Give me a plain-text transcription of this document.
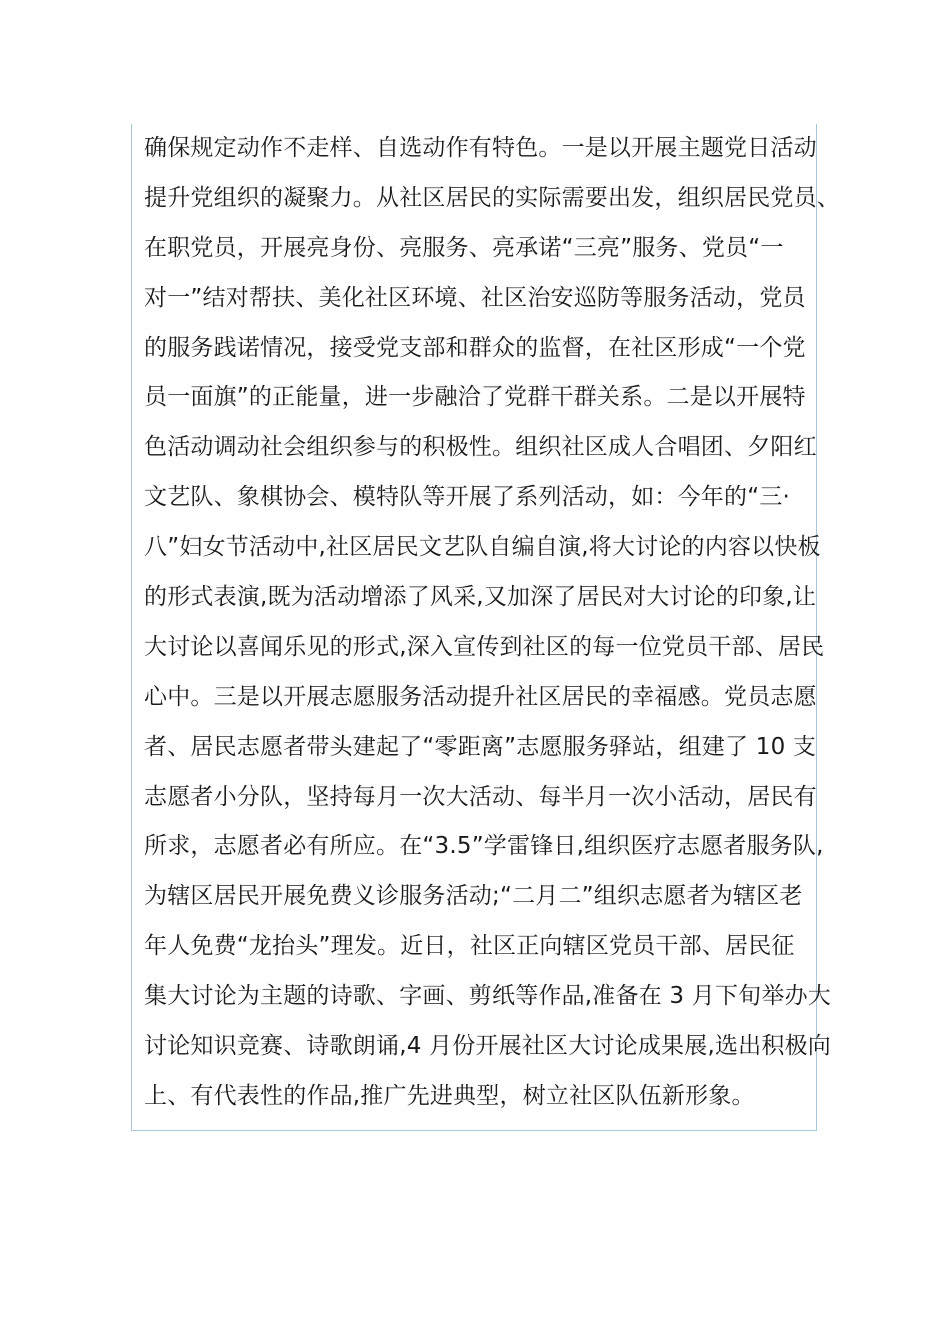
确保规定动作不走样、自选动作有特色。一是以开展主题党日活动
提升党组织的凝聚力。从社区居民的实际需要出发，组织居民党员、
在职党员，开展亮身份、亮服务、亮承诺“三亮”服务、党员“一
对一”结对帮扶、美化社区环境、社区治安巡防等服务活动，党员
的服务践诺情况，接受党支部和群众的监督，在社区形成“一个党
员一面旗”的正能量，进一步融洽了党群干群关系。二是以开展特
色活动调动社会组织参与的积极性。组织社区成人合唱团、夕阳红
文艺队、象棋协会、模特队等开展了系列活动，如：今年的“三·
八”妇女节活动中,社区居民文艺队自编自演,将大讨论的内容以快板
的形式表演,既为活动增添了风采,又加深了居民对大讨论的印象,让
大讨论以喜闻乐见的形式,深入宣传到社区的每一位党员干部、居民
心中。三是以开展志愿服务活动提升社区居民的幸福感。党员志愿
者、居民志愿者带头建起了“零距离”志愿服务驿站，组建了 10 支
志愿者小分队，坚持每月一次大活动、每半月一次小活动，居民有
所求，志愿者必有所应。在“3.5”学雷锋日,组织医疗志愿者服务队,
为辖区居民开展免费义诊服务活动;“二月二”组织志愿者为辖区老
年人免费“龙抬头”理发。近日，社区正向辖区党员干部、居民征
集大讨论为主题的诗歌、字画、剪纸等作品,准备在 3 月下旬举办大
讨论知识竞赛、诗歌朗诵,4 月份开展社区大讨论成果展,选出积极向
上、有代表性的作品,推广先进典型，树立社区队伍新形象。
